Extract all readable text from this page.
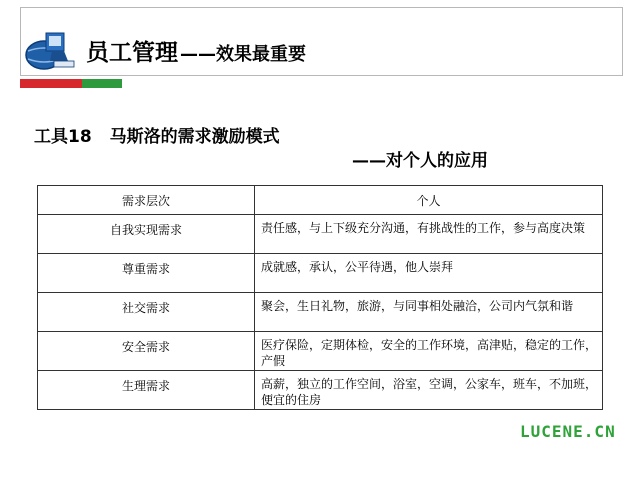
员工管理 ——效果最重要
工具18 马斯洛的需求激励模式
——对个人的应用
需求层次	个人
自我实现需求	责任感，与上下级充分沟通，有挑战性的工作，参与高度决策
尊重需求	成就感，承认，公平待遇，他人崇拜
社交需求	聚会，生日礼物，旅游，与同事相处融洽，公司内气氛和谐
安全需求	医疗保险，定期体检，安全的工作环境，高津贴，稳定的工作，产假
生理需求	高薪，独立的工作空间，浴室，空调，公家车，班车，不加班，便宜的住房
LUCENE.CN
